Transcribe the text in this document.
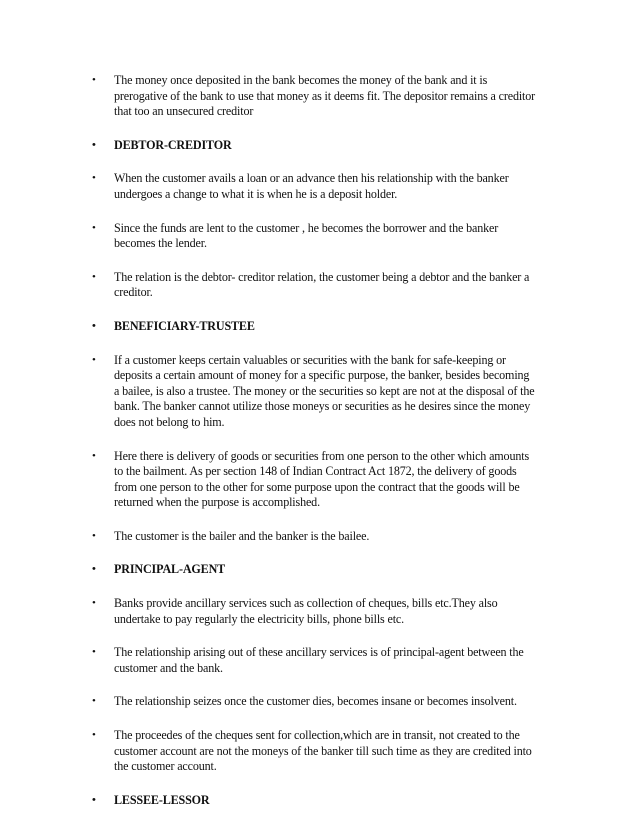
• The money once deposited in the bank becomes the money of the bank and it is
prerogative of the bank to use that money as it deems fit. The depositor remains a creditor
that too an unsecured creditor
• DEBTOR-CREDITOR
• When the customer avails a loan or an advance then his relationship with the banker
undergoes a change to what it is when he is a deposit holder.
• Since the funds are lent to the customer , he becomes the borrower and the banker
becomes the lender.
• The relation is the debtor- creditor relation, the customer being a debtor and the banker a
creditor.
• BENEFICIARY-TRUSTEE
• If a customer keeps certain valuables or securities with the bank for safe-keeping or
deposits a certain amount of money for a specific purpose, the banker, besides becoming
a bailee, is also a trustee. The money or the securities so kept are not at the disposal of the
bank. The banker cannot utilize those moneys or securities as he desires since the money
does not belong to him.
• Here there is delivery of goods or securities from one person to the other which amounts
to the bailment. As per section 148 of Indian Contract Act 1872, the delivery of goods
from one person to the other for some purpose upon the contract that the goods will be
returned when the purpose is accomplished.
• The customer is the bailer and the banker is the bailee.
• PRINCIPAL-AGENT
• Banks provide ancillary services such as collection of cheques, bills etc.They also
undertake to pay regularly the electricity bills, phone bills etc.
• The relationship arising out of these ancillary services is of principal-agent between the
customer and the bank.
• The relationship seizes once the customer dies, becomes insane or becomes insolvent.
• The proceedes of the cheques sent for collection,which are in transit, not created to the
customer account are not the moneys of the banker till such time as they are credited into
the customer account.
• LESSEE-LESSOR
